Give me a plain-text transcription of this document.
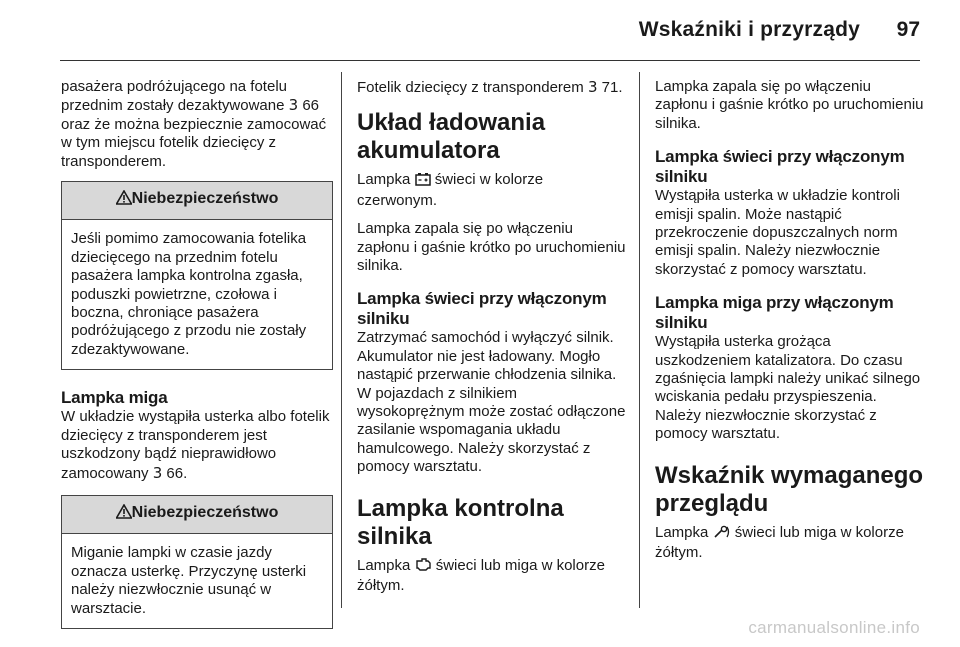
Wskaźniki i przyrządy	97

pasażera podróżującego na fotelu przednim zostały dezaktywowane 3 66 oraz że można bezpiecznie zamocować w tym miejscu fotelik dziecięcy z transponderem.

Niebezpieczeństwo
Jeśli pomimo zamocowania fotelika dziecięcego na przednim fotelu pasażera lampka kontrolna zgasła, poduszki powietrzne, czołowa i boczna, chroniące pasażera podróżującego z przodu nie zostały zdezaktywowane.
Lampka miga

W układzie wystąpiła usterka albo fotelik dziecięcy z transponderem jest uszkodzony bądź nieprawidłowo zamocowany 3 66.

Niebezpieczeństwo
Miganie lampki w czasie jazdy oznacza usterkę. Przyczynę usterki należy niezwłocznie usunąć w warsztacie.

Fotelik dziecięcy z transponderem 3 71.

Układ ładowania akumulatora

Lampka  świeci w kolorze czerwonym.

Lampka zapala się po włączeniu zapłonu i gaśnie krótko po uruchomieniu silnika.

Lampka świeci przy włączonym silniku

Zatrzymać samochód i wyłączyć silnik. Akumulator nie jest ładowany. Mogło nastąpić przerwanie chłodzenia silnika. W pojazdach z silnikiem wysokoprężnym może zostać odłączone zasilanie wspomagania układu hamulcowego. Należy skorzystać z pomocy warsztatu.

Lampka kontrolna silnika

Lampka  świeci lub miga w kolorze żółtym.

Lampka zapala się po włączeniu zapłonu i gaśnie krótko po uruchomieniu silnika.

Lampka świeci przy włączonym silniku

Wystąpiła usterka w układzie kontroli emisji spalin. Może nastąpić przekroczenie dopuszczalnych norm emisji spalin. Należy niezwłocznie skorzystać z pomocy warsztatu.

Lampka miga przy włączonym silniku

Wystąpiła usterka grożąca uszkodzeniem katalizatora. Do czasu zgaśnięcia lampki należy unikać silnego wciskania pedału przyspieszenia. Należy niezwłocznie skorzystać z pomocy warsztatu.

Wskaźnik wymaganego przeglądu

Lampka  świeci lub miga w kolorze żółtym.

carmanualsonline.info
